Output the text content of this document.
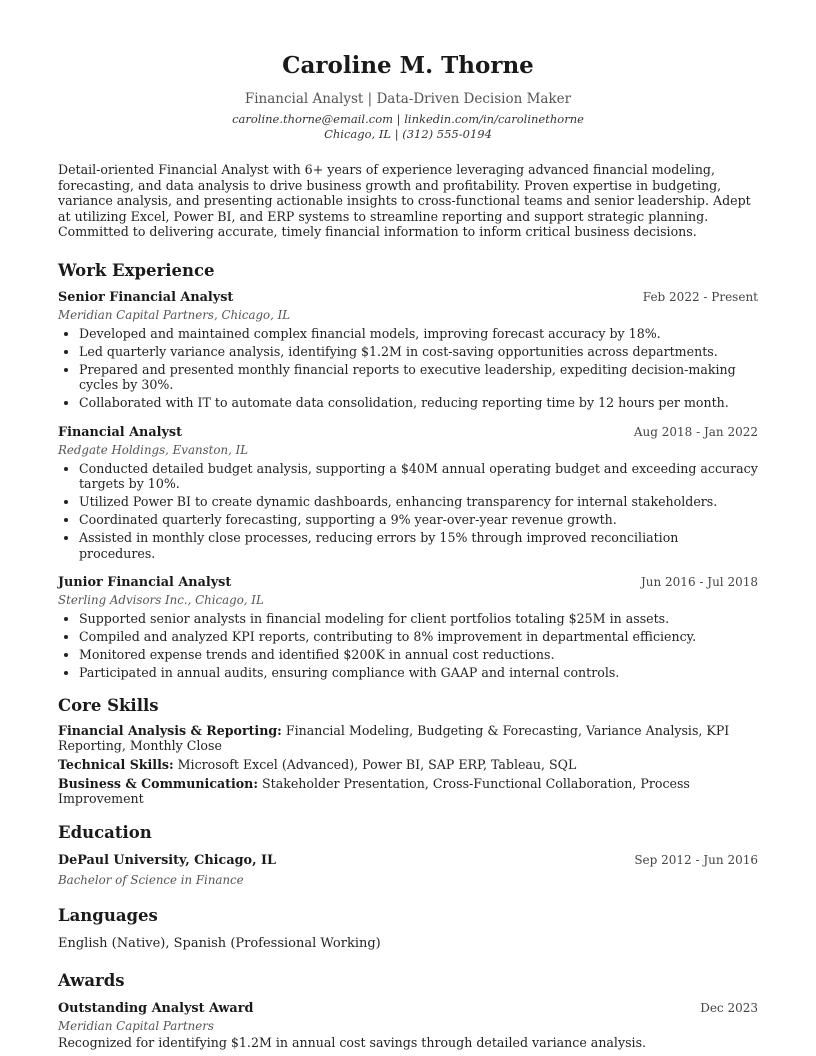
Caroline M. Thorne
Financial Analyst | Data-Driven Decision Maker
caroline.thorne@email.com | linkedin.com/in/carolinethorne
Chicago, IL | (312) 555-0194
Detail-oriented Financial Analyst with 6+ years of experience leveraging advanced financial modeling, forecasting, and data analysis to drive business growth and profitability. Proven expertise in budgeting, variance analysis, and presenting actionable insights to cross-functional teams and senior leadership. Adept at utilizing Excel, Power BI, and ERP systems to streamline reporting and support strategic planning. Committed to delivering accurate, timely financial information to inform critical business decisions.
Work Experience
Senior Financial Analyst	Feb 2022 - Present
Meridian Capital Partners, Chicago, IL
• Developed and maintained complex financial models, improving forecast accuracy by 18%.
• Led quarterly variance analysis, identifying $1.2M in cost-saving opportunities across departments.
• Prepared and presented monthly financial reports to executive leadership, expediting decision-making cycles by 30%.
• Collaborated with IT to automate data consolidation, reducing reporting time by 12 hours per month.
Financial Analyst	Aug 2018 - Jan 2022
Redgate Holdings, Evanston, IL
• Conducted detailed budget analysis, supporting a $40M annual operating budget and exceeding accuracy targets by 10%.
• Utilized Power BI to create dynamic dashboards, enhancing transparency for internal stakeholders.
• Coordinated quarterly forecasting, supporting a 9% year-over-year revenue growth.
• Assisted in monthly close processes, reducing errors by 15% through improved reconciliation procedures.
Junior Financial Analyst	Jun 2016 - Jul 2018
Sterling Advisors Inc., Chicago, IL
• Supported senior analysts in financial modeling for client portfolios totaling $25M in assets.
• Compiled and analyzed KPI reports, contributing to 8% improvement in departmental efficiency.
• Monitored expense trends and identified $200K in annual cost reductions.
• Participated in annual audits, ensuring compliance with GAAP and internal controls.
Core Skills
Financial Analysis & Reporting: Financial Modeling, Budgeting & Forecasting, Variance Analysis, KPI Reporting, Monthly Close
Technical Skills: Microsoft Excel (Advanced), Power BI, SAP ERP, Tableau, SQL
Business & Communication: Stakeholder Presentation, Cross-Functional Collaboration, Process Improvement
Education
DePaul University, Chicago, IL	Sep 2012 - Jun 2016
Bachelor of Science in Finance
Languages
English (Native), Spanish (Professional Working)
Awards
Outstanding Analyst Award	Dec 2023
Meridian Capital Partners
Recognized for identifying $1.2M in annual cost savings through detailed variance analysis.
